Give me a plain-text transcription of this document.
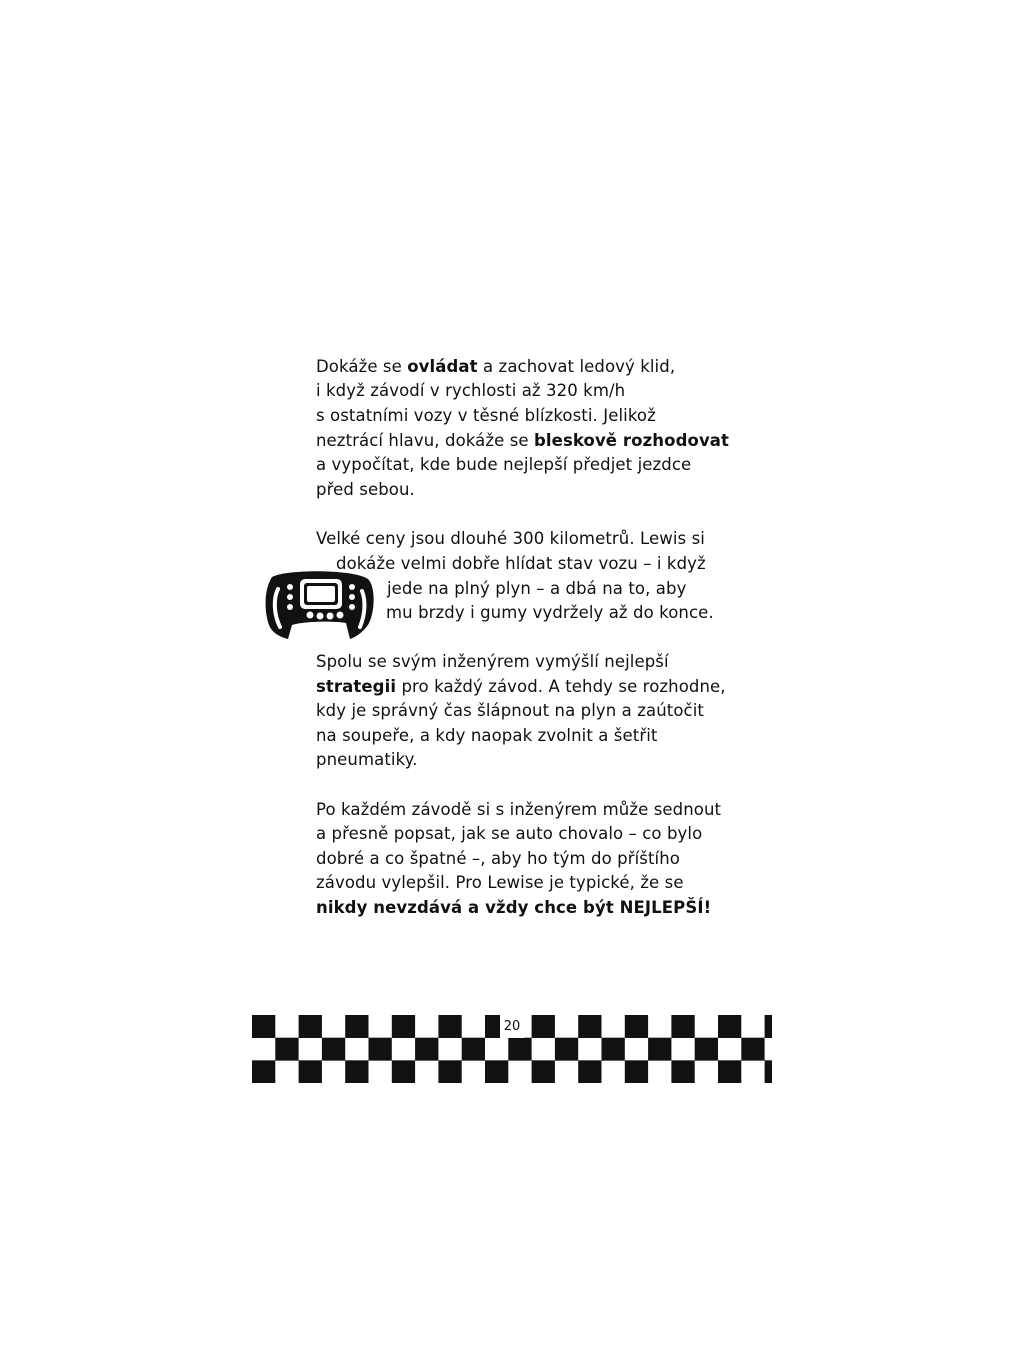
Dokáže se ovládat a zachovat ledový klid,
i když závodí v rychlosti až 320 km/h
s ostatními vozy v těsné blízkosti. Jelikož
neztrácí hlavu, dokáže se bleskově rozhodovat
a vypočítat, kde bude nejlepší předjet jezdce
před sebou.
Velké ceny jsou dlouhé 300 kilometrů. Lewis si
dokáže velmi dobře hlídat stav vozu – i když
jede na plný plyn – a dbá na to, aby
mu brzdy i gumy vydržely až do konce.
Spolu se svým inženýrem vymýšlí nejlepší
strategii pro každý závod. A tehdy se rozhodne,
kdy je správný čas šlápnout na plyn a zaútočit
na soupeře, a kdy naopak zvolnit a šetřit
pneumatiky.
Po každém závodě si s inženýrem může sednout
a přesně popsat, jak se auto chovalo – co bylo
dobré a co špatné –, aby ho tým do příštího
závodu vylepšil. Pro Lewise je typické, že se
nikdy nevzdává a vždy chce být NEJLEPŠÍ!
20
